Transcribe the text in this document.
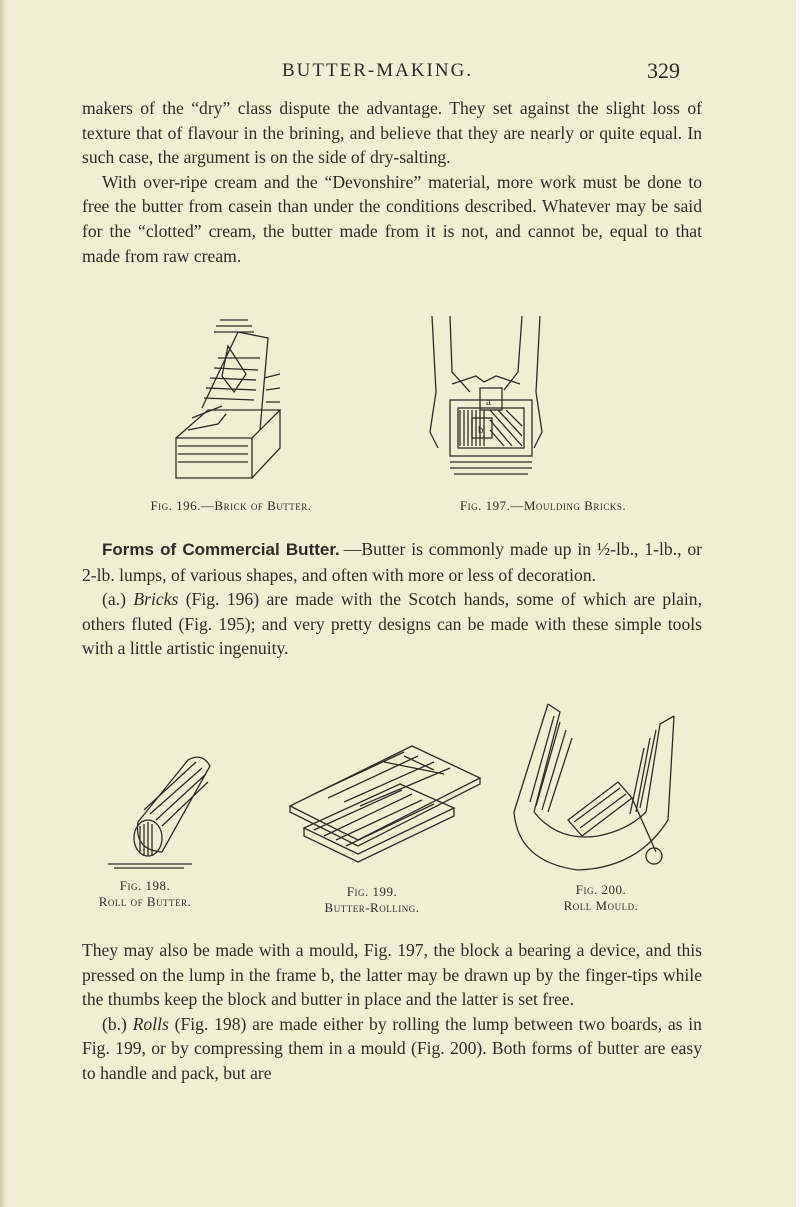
BUTTER-MAKING.	329

makers of the “dry” class dispute the advantage. They set against the slight loss of texture that of flavour in the brining, and believe that they are nearly or quite equal. In such case, the argument is on the side of dry-salting.

With over-ripe cream and the “Devonshire” material, more work must be done to free the butter from casein than under the conditions described. Whatever may be said for the “clotted” cream, the butter made from it is not, and cannot be, equal to that made from raw cream.

Fig. 196.—Brick of Butter.
a
b
Fig. 197.—Moulding Bricks.

Forms of Commercial Butter. —Butter is commonly made up in ½-lb., 1-lb., or 2-lb. lumps, of various shapes, and often with more or less of decoration.

(a.) Bricks (Fig. 196) are made with the Scotch hands, some of which are plain, others fluted (Fig. 195); and very pretty designs can be made with these simple tools with a little artistic ingenuity.

Fig. 198.
Roll of Butter.
Fig. 199.
Butter-Rolling.
Fig. 200.
Roll Mould.

They may also be made with a mould, Fig. 197, the block a bearing a device, and this pressed on the lump in the frame b, the latter may be drawn up by the finger-tips while the thumbs keep the block and butter in place and the latter is set free.

(b.) Rolls (Fig. 198) are made either by rolling the lump between two boards, as in Fig. 199, or by compressing them in a mould (Fig. 200). Both forms of butter are easy to handle and pack, but are
